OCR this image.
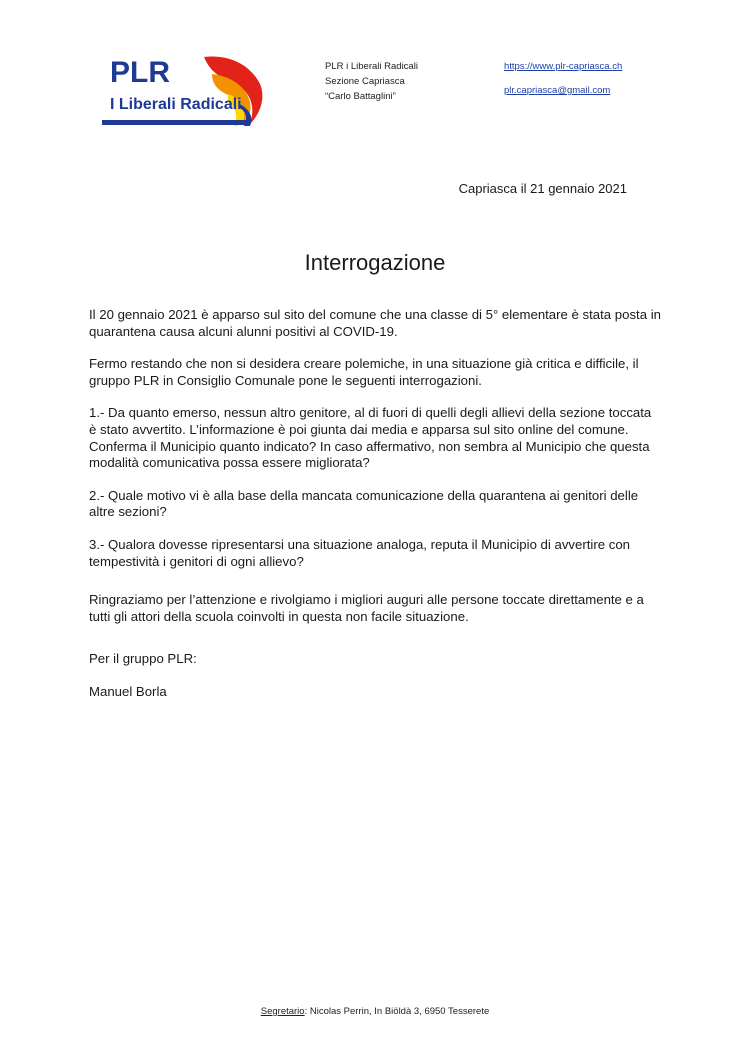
PLR
I Liberali Radicali
PLR i Liberali Radicali
Sezione Capriasca
“Carlo Battaglini”
https://www.plr-capriasca.ch
plr.capriasca@gmail.com
Capriasca il 21 gennaio 2021
Interrogazione

Il 20 gennaio 2021 è apparso sul sito del comune che una classe di 5° elementare è stata posta in quarantena causa alcuni alunni positivi al COVID-19.

Fermo restando che non si desidera creare polemiche, in una situazione già critica e difficile, il gruppo PLR in Consiglio Comunale pone le seguenti interrogazioni.

1.- Da quanto emerso, nessun altro genitore, al di fuori di quelli degli allievi della sezione toccata è stato avvertito. L’informazione è poi giunta dai media e apparsa sul sito online del comune. Conferma il Municipio quanto indicato? In caso affermativo, non sembra al Municipio che questa modalità comunicativa possa essere migliorata?

2.- Quale motivo vi è alla base della mancata comunicazione della quarantena ai genitori delle altre sezioni?

3.- Qualora dovesse ripresentarsi una situazione analoga, reputa il Municipio di avvertire con tempestività i genitori di ogni allievo?

Ringraziamo per l’attenzione e rivolgiamo i migliori auguri alle persone toccate direttamente e a tutti gli attori della scuola coinvolti in questa non facile situazione.

Per il gruppo PLR:

Manuel Borla

Segretario: Nicolas Perrin, In Biöldà 3, 6950 Tesserete
